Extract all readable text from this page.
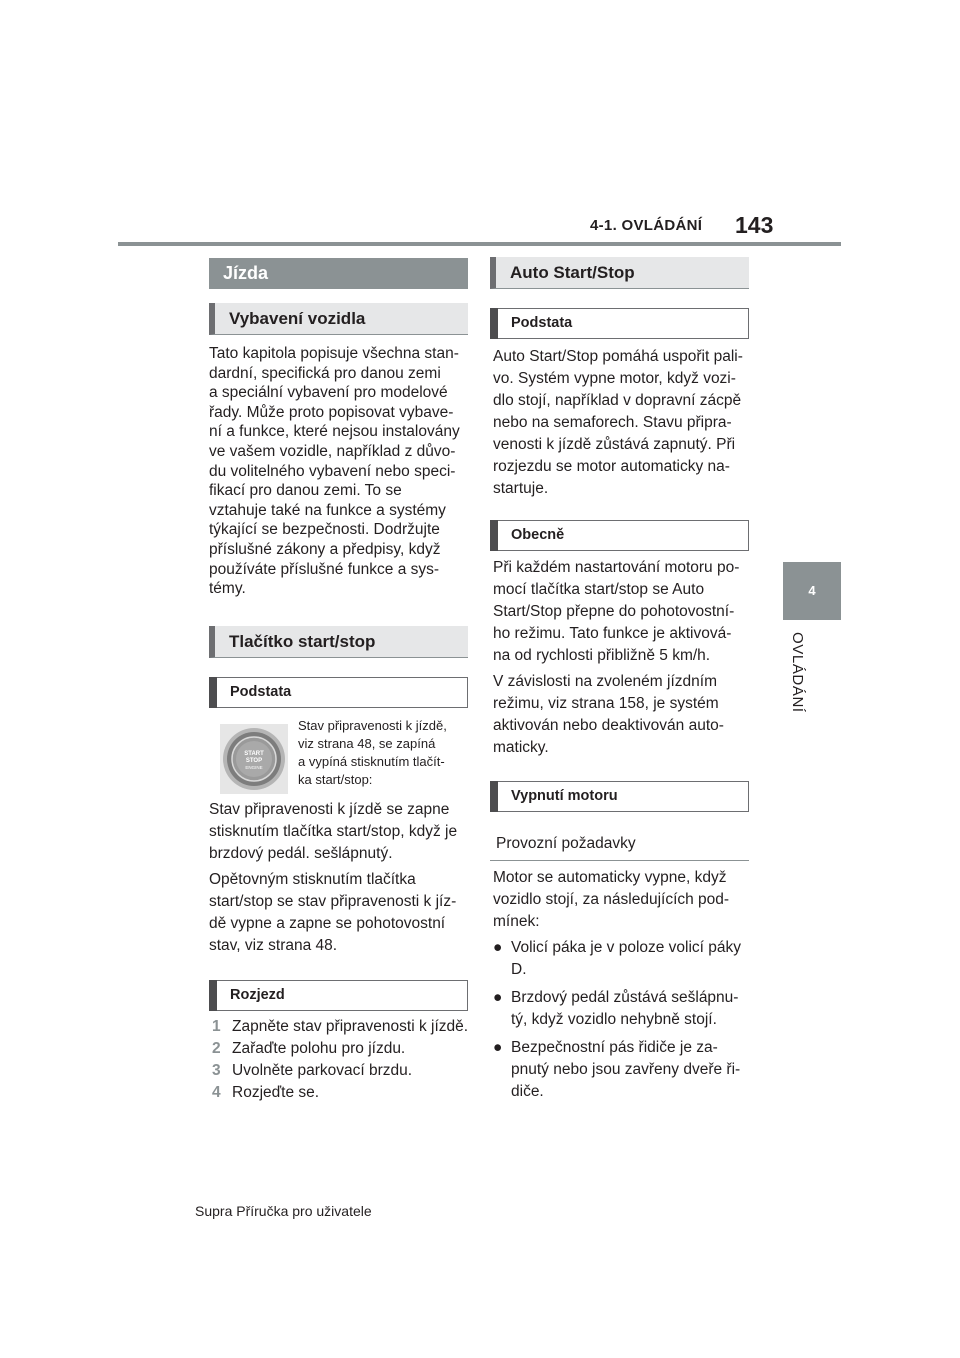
4-1. OVLÁDÁNÍ 143
4
OVLÁDÁNÍ
Jízda
Vybavení vozidla

Tato kapitola popisuje všechna stan-

dardní, specifická pro danou zemi

a speciální vybavení pro modelové

řady. Může proto popisovat vybave-

ní a funkce, které nejsou instalovány

ve vašem vozidle, například z důvo-

du volitelného vybavení nebo speci-

fikací pro danou zemi. To se

vztahuje také na funkce a systémy

týkající se bezpečnosti. Dodržujte

příslušné zákony a předpisy, když

používáte příslušné funkce a sys-

témy.

Tlačítko start/stop
Podstata
START
STOP
ENGINE
Stav připravenosti k jízdě,
viz strana 48, se zapíná
a vypíná stisknutím tlačít-
ka start/stop:

Stav připravenosti k jízdě se zapne

stisknutím tlačítka start/stop, když je

brzdový pedál. sešlápnutý.

Opětovným stisknutím tlačítka

start/stop se stav připravenosti k jíz-

dě vypne a zapne se pohotovostní

stav, viz strana 48.

Rozjezd

1 Zapněte stav připravenosti k jízdě.

2 Zařaďte polohu pro jízdu.

3 Uvolněte parkovací brzdu.

4 Rozjeďte se.

Auto Start/Stop
Podstata

Auto Start/Stop pomáhá uspořit pali-

vo. Systém vypne motor, když vozi-

dlo stojí, například v dopravní zácpě

nebo na semaforech. Stavu připra-

venosti k jízdě zůstává zapnutý. Při

rozjezdu se motor automaticky na-

startuje.

Obecně

Při každém nastartování motoru po-

mocí tlačítka start/stop se Auto

Start/Stop přepne do pohotovostní-

ho režimu. Tato funkce je aktivová-

na od rychlosti přibližně 5 km/h.

V závislosti na zvoleném jízdním

režimu, viz strana 158, je systém

aktivován nebo deaktivován auto-

maticky.

Vypnutí motoru
Provozní požadavky

Motor se automaticky vypne, když

vozidlo stojí, za následujících pod-

mínek:

● Volicí páka je v poloze volicí páky

D.

● Brzdový pedál zůstává sešlápnu-

tý, když vozidlo nehybně stojí.

● Bezpečnostní pás řidiče je za-

pnutý nebo jsou zavřeny dveře ři-

diče.

Supra Příručka pro uživatele
